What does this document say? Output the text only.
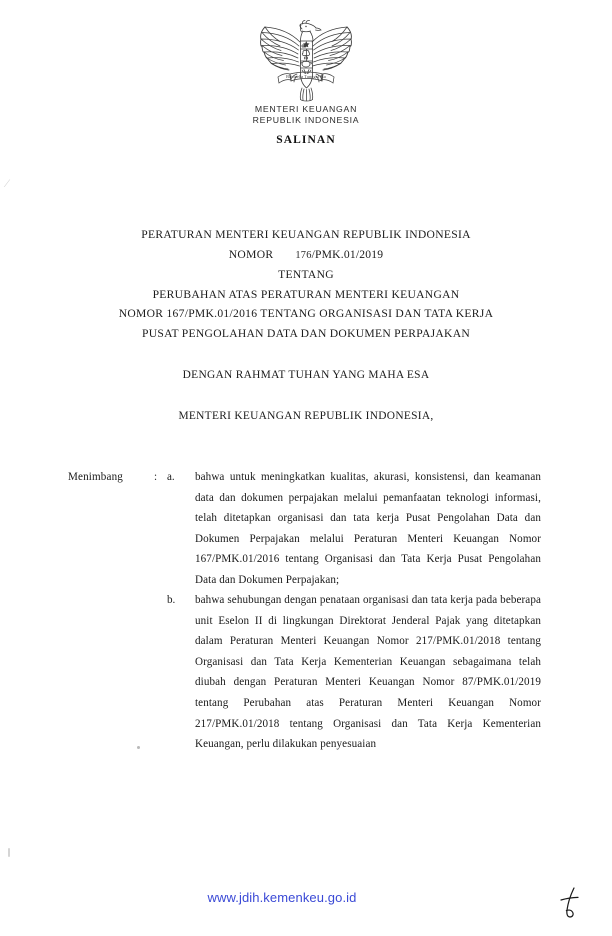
Bhinneka Tunggal Ika
MENTERI KEUANGAN
REPUBLIK INDONESIA
SALINAN
⁄
PERATURAN MENTERI KEUANGAN REPUBLIK INDONESIA
NOMOR 176/PMK.01/2019
TENTANG
PERUBAHAN ATAS PERATURAN MENTERI KEUANGAN
NOMOR 167/PMK.01/2016 TENTANG ORGANISASI DAN TATA KERJA
PUSAT PENGOLAHAN DATA DAN DOKUMEN PERPAJAKAN
DENGAN RAHMAT TUHAN YANG MAHA ESA
MENTERI KEUANGAN REPUBLIK INDONESIA,
Menimbang	: a.	bahwa untuk meningkatkan kualitas, akurasi, konsistensi, dan keamanan data dan dokumen perpajakan melalui pemanfaatan teknologi informasi, telah ditetapkan organisasi dan tata kerja Pusat Pengolahan Data dan Dokumen Perpajakan melalui Peraturan Menteri Keuangan Nomor 167/PMK.01/2016 tentang Organisasi dan Tata Kerja Pusat Pengolahan Data dan Dokumen Perpajakan;
b.	bahwa sehubungan dengan penataan organisasi dan tata kerja pada beberapa unit Eselon II di lingkungan Direktorat Jenderal Pajak yang ditetapkan dalam Peraturan Menteri Keuangan Nomor 217/PMK.01/2018 tentang Organisasi dan Tata Kerja Kementerian Keuangan sebagaimana telah diubah dengan Peraturan Menteri Keuangan Nomor 87/PMK.01/2019 tentang Perubahan atas Peraturan Menteri Keuangan Nomor 217/PMK.01/2018 tentang Organisasi dan Tata Kerja Kementerian Keuangan, perlu dilakukan penyesuaian
www.jdih.kemenkeu.go.id
